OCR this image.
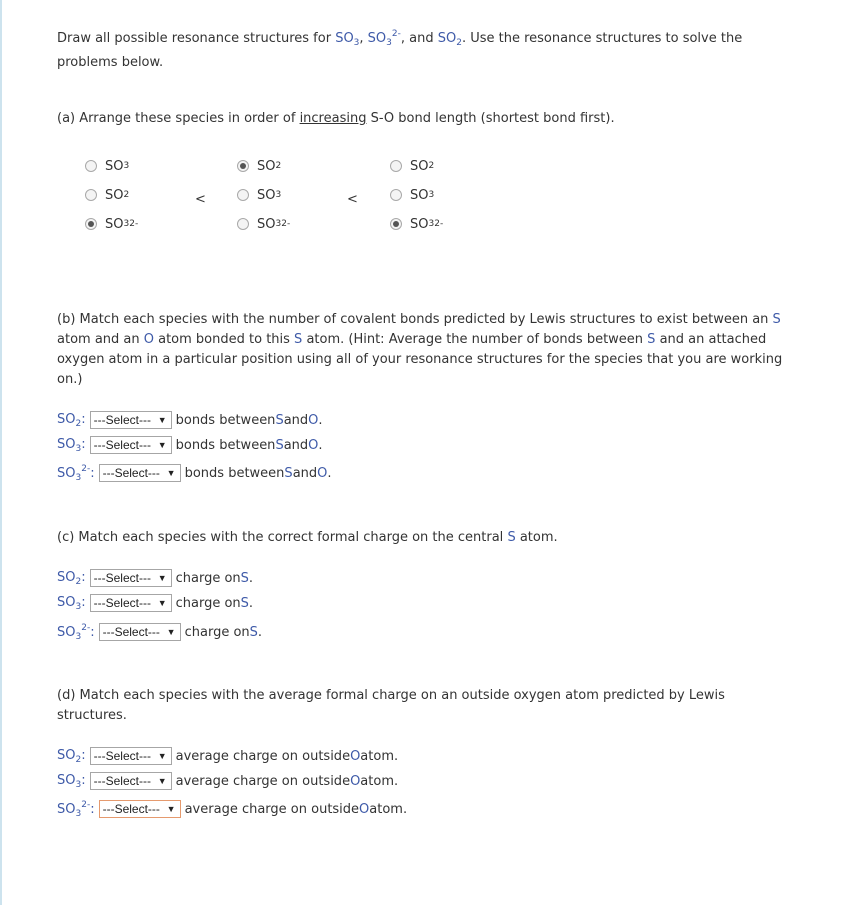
Draw all possible resonance structures for $SO_3$, $SO_3^{2-}$, and $SO_2$. Use the resonance structures to solve the
problems below.
(a) Arrange these species in order of increasing S-O bond length (shortest bond first).
SO 3
SO 2
SO 3 2-
<
SO 2
SO 3
SO 3 2-
<
SO 2
SO 3
SO 3 2-
(b) Match each species with the number of covalent bonds predicted by Lewis structures to exist between an S
atom and an O atom bonded to this S atom. (Hint: Average the number of bonds between S and an attached
oxygen atom in a particular position using all of your resonance structures for the species that you are working
on.)
$SO_2$: ---Select--- ▼ bonds between S and O .
$SO_3$: ---Select--- ▼ bonds between S and O .
$SO_3^{2-}$: ---Select--- ▼ bonds between S and O .
(c) Match each species with the correct formal charge on the central S atom.
$SO_2$: ---Select--- ▼ charge on S .
$SO_3$: ---Select--- ▼ charge on S .
$SO_3^{2-}$: ---Select--- ▼ charge on S .
(d) Match each species with the average formal charge on an outside oxygen atom predicted by Lewis
structures.
$SO_2$: ---Select--- ▼ average charge on outside O atom.
$SO_3$: ---Select--- ▼ average charge on outside O atom.
$SO_3^{2-}$: ---Select--- ▼ average charge on outside O atom.
